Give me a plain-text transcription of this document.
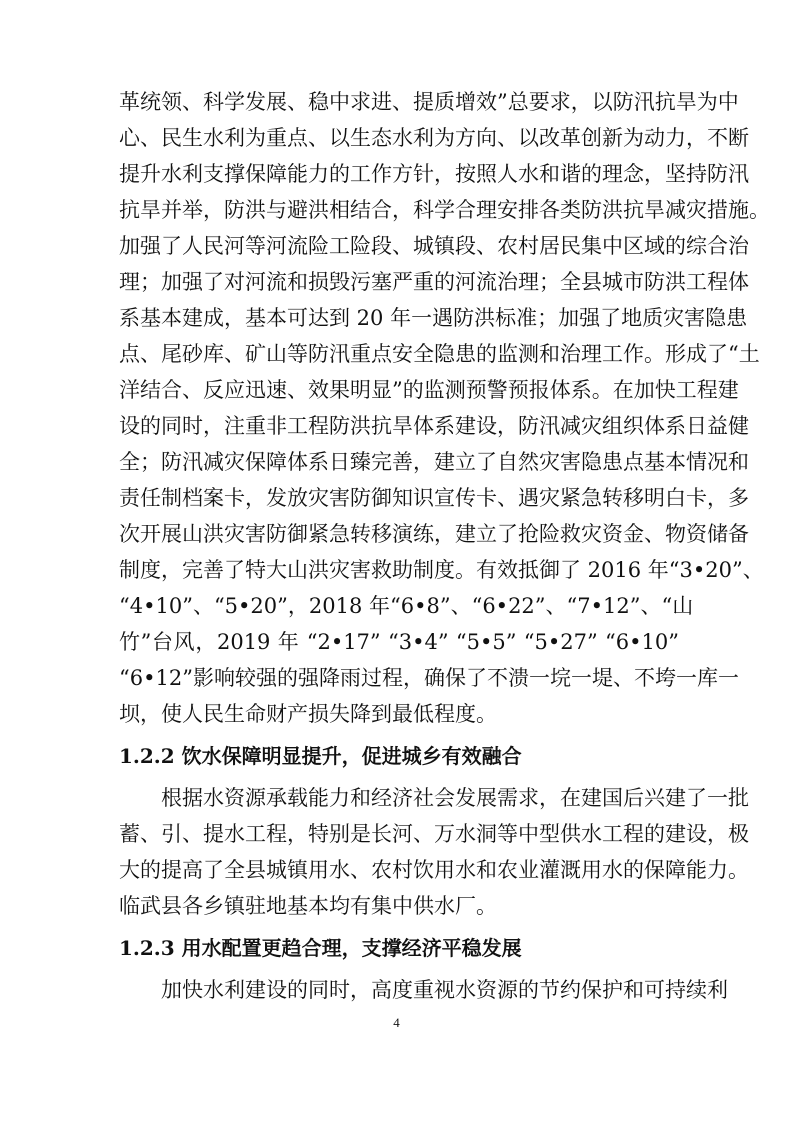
革统领、科学发展、稳中求进、提质增效”总要求，以防汛抗旱为中
心、民生水利为重点、以生态水利为方向、以改革创新为动力，不断
提升水利支撑保障能力的工作方针，按照人水和谐的理念，坚持防汛
抗旱并举，防洪与避洪相结合，科学合理安排各类防洪抗旱减灾措施。
加强了人民河等河流险工险段、城镇段、农村居民集中区域的综合治
理；加强了对河流和损毁污塞严重的河流治理；全县城市防洪工程体
系基本建成，基本可达到 20 年一遇防洪标准；加强了地质灾害隐患
点、尾砂库、矿山等防汛重点安全隐患的监测和治理工作。形成了“土
洋结合、反应迅速、效果明显”的监测预警预报体系。在加快工程建
设的同时，注重非工程防洪抗旱体系建设，防汛减灾组织体系日益健
全；防汛减灾保障体系日臻完善，建立了自然灾害隐患点基本情况和
责任制档案卡，发放灾害防御知识宣传卡、遇灾紧急转移明白卡，多
次开展山洪灾害防御紧急转移演练，建立了抢险救灾资金、物资储备
制度，完善了特大山洪灾害救助制度。有效抵御了 2016 年“3•20”、
“4•10”、“5•20”，2018 年“6•8”、“6•22”、“7•12”、“山
竹”台风，2019 年 “2•17” “3•4” “5•5” “5•27” “6•10”
“6•12”影响较强的强降雨过程，确保了不溃一垸一堤、不垮一库一
坝，使人民生命财产损失降到最低程度。
1.2.2 饮水保障明显提升，促进城乡有效融合
根据水资源承载能力和经济社会发展需求，在建国后兴建了一批
蓄、引、提水工程，特别是长河、万水洞等中型供水工程的建设，极
大的提高了全县城镇用水、农村饮用水和农业灌溉用水的保障能力。
临武县各乡镇驻地基本均有集中供水厂。
1.2.3 用水配置更趋合理，支撑经济平稳发展
加快水利建设的同时，高度重视水资源的节约保护和可持续利
4
